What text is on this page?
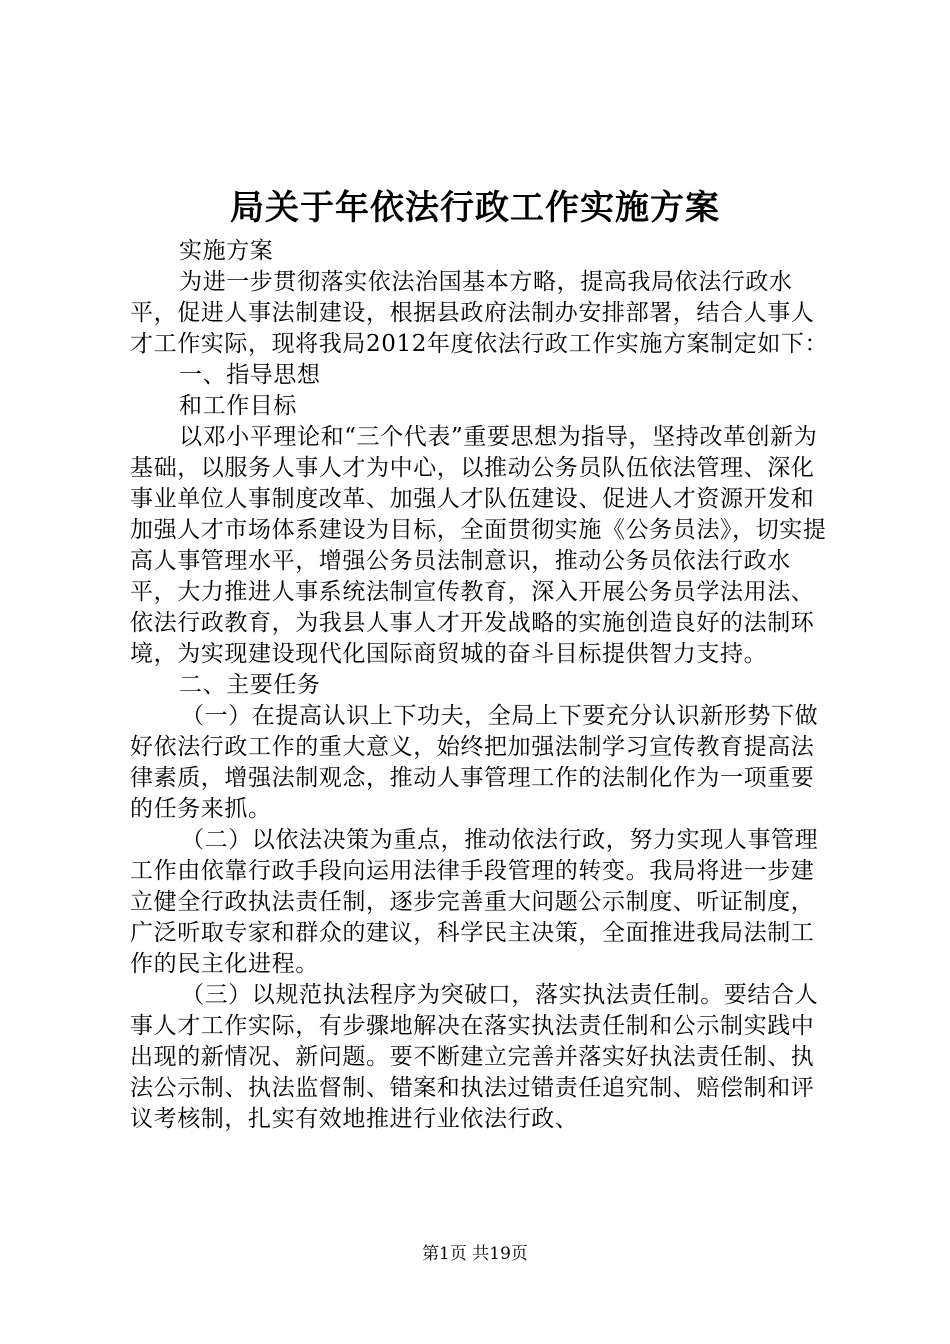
局关于年依法行政工作实施方案

实施方案

为进一步贯彻落实依法治国基本方略，提高我局依法行政水平，促进人事法制建设，根据县政府法制办安排部署，结合人事人才工作实际，现将我局2012年度依法行政工作实施方案制定如下：

一、指导思想

和工作目标

以邓小平理论和“三个代表”重要思想为指导，坚持改革创新为基础，以服务人事人才为中心，以推动公务员队伍依法管理、深化事业单位人事制度改革、加强人才队伍建设、促进人才资源开发和加强人才市场体系建设为目标，全面贯彻实施《公务员法》，切实提高人事管理水平，增强公务员法制意识，推动公务员依法行政水平，大力推进人事系统法制宣传教育，深入开展公务员学法用法、依法行政教育，为我县人事人才开发战略的实施创造良好的法制环境，为实现建设现代化国际商贸城的奋斗目标提供智力支持。

二、主要任务

（一）在提高认识上下功夫，全局上下要充分认识新形势下做好依法行政工作的重大意义，始终把加强法制学习宣传教育提高法律素质，增强法制观念，推动人事管理工作的法制化作为一项重要的任务来抓。

（二）以依法决策为重点，推动依法行政，努力实现人事管理工作由依靠行政手段向运用法律手段管理的转变。我局将进一步建立健全行政执法责任制，逐步完善重大问题公示制度、听证制度，广泛听取专家和群众的建议，科学民主决策，全面推进我局法制工作的民主化进程。

（三）以规范执法程序为突破口，落实执法责任制。要结合人事人才工作实际，有步骤地解决在落实执法责任制和公示制实践中出现的新情况、新问题。要不断建立完善并落实好执法责任制、执法公示制、执法监督制、错案和执法过错责任追究制、赔偿制和评议考核制，扎实有效地推进行业依法行政、

第1页 共19页
